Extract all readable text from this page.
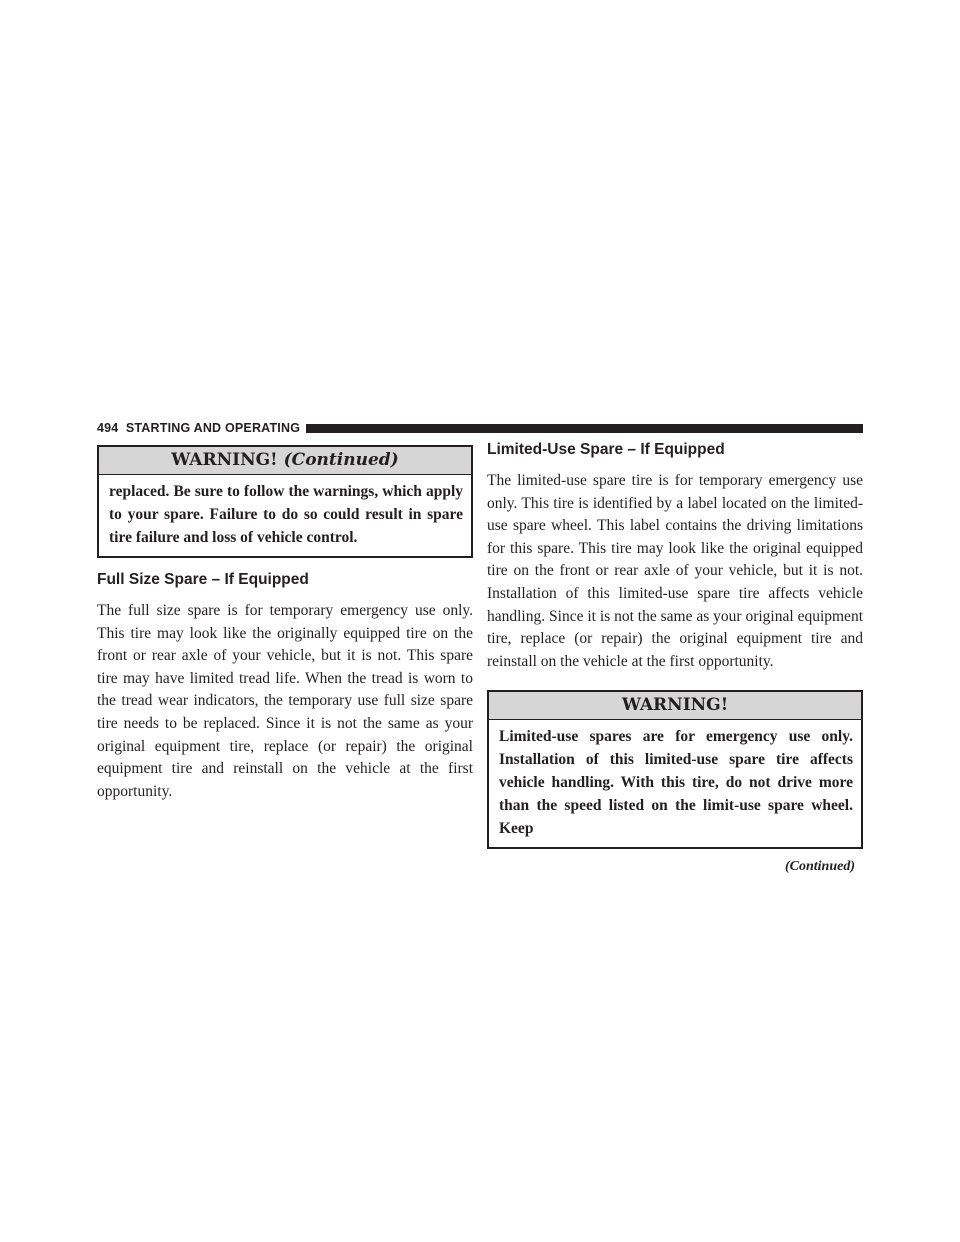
494 STARTING AND OPERATING
WARNING! (Continued)
replaced. Be sure to follow the warnings, which apply to your spare. Failure to do so could result in spare tire failure and loss of vehicle control.
Full Size Spare – If Equipped

The full size spare is for temporary emergency use only. This tire may look like the originally equipped tire on the front or rear axle of your vehicle, but it is not. This spare tire may have limited tread life. When the tread is worn to the tread wear indicators, the temporary use full size spare tire needs to be replaced. Since it is not the same as your original equipment tire, replace (or repair) the original equipment tire and reinstall on the vehicle at the first opportunity.

Limited-Use Spare – If Equipped

The limited-use spare tire is for temporary emergency use only. This tire is identified by a label located on the limited-use spare wheel. This label contains the driving limitations for this spare. This tire may look like the original equipped tire on the front or rear axle of your vehicle, but it is not. Installation of this limited-use spare tire affects vehicle handling. Since it is not the same as your original equipment tire, replace (or repair) the original equipment tire and reinstall on the vehicle at the first opportunity.

WARNING!
Limited-use spares are for emergency use only. Installation of this limited-use spare tire affects vehicle handling. With this tire, do not drive more than the speed listed on the limit-use spare wheel. Keep
(Continued)
